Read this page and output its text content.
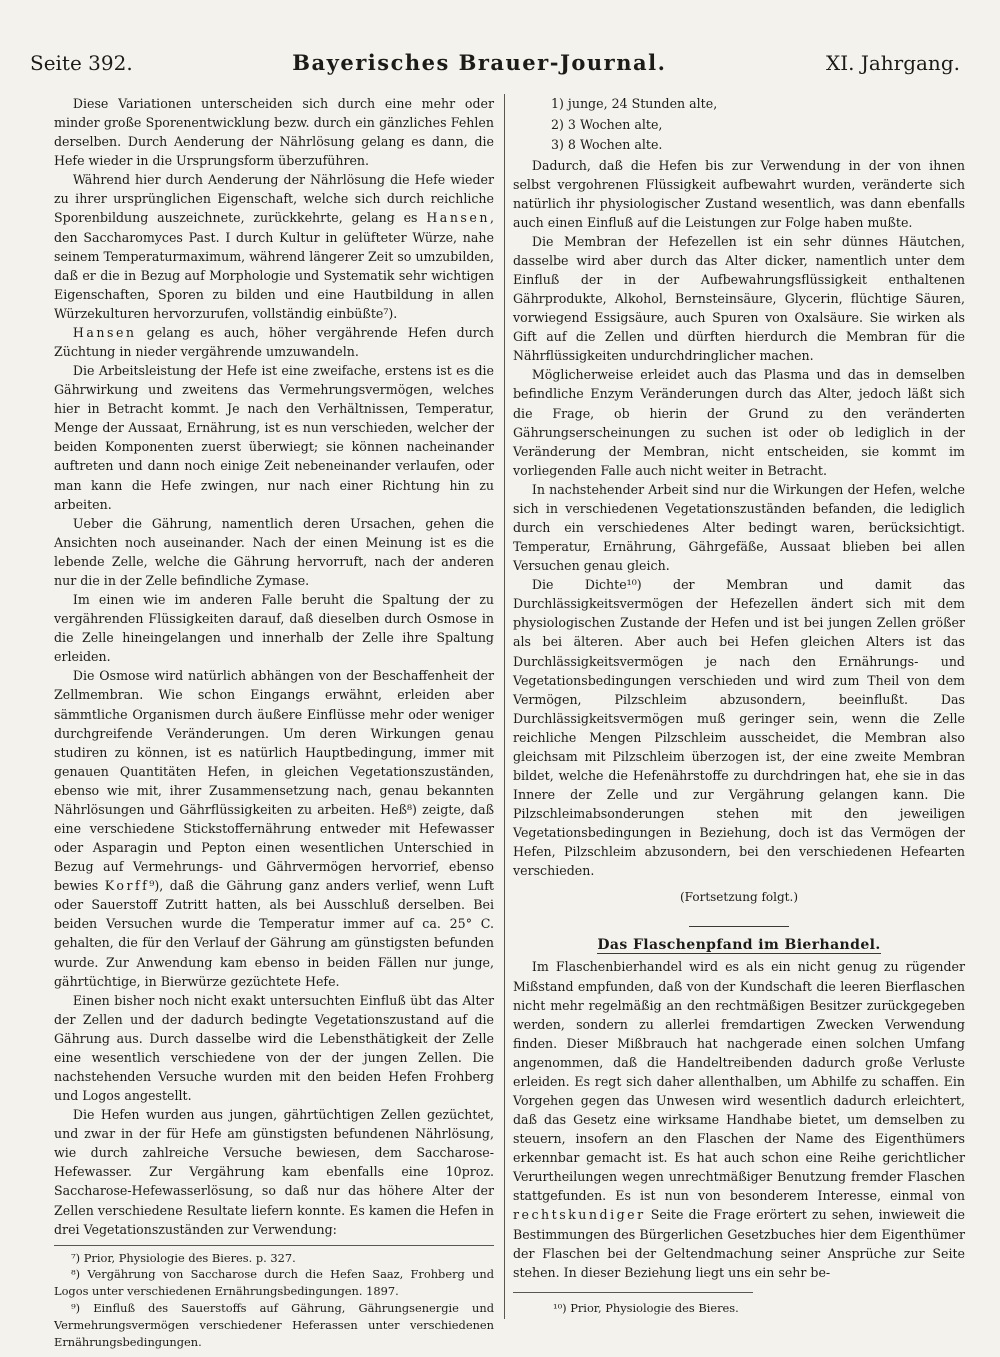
Seite 392.	Bayerisches Brauer-Journal.	XI. Jahrgang.

Diese Variationen unterscheiden sich durch eine mehr oder minder große Sporenentwicklung bezw. durch ein gänzliches Fehlen derselben. Durch Aenderung der Nährlösung gelang es dann, die Hefe wieder in die Ursprungsform überzuführen.

Während hier durch Aenderung der Nährlösung die Hefe wieder zu ihrer ursprünglichen Eigenschaft, welche sich durch reichliche Sporenbildung auszeichnete, zurückkehrte, gelang es Hansen, den Saccharomyces Past. I durch Kultur in gelüfteter Würze, nahe seinem Temperaturmaximum, während längerer Zeit so umzubilden, daß er die in Bezug auf Morphologie und Systematik sehr wichtigen Eigenschaften, Sporen zu bilden und eine Hautbildung in allen Würzekulturen hervorzurufen, vollständig einbüßte⁷).

Hansen gelang es auch, höher vergährende Hefen durch Züchtung in nieder vergährende umzuwandeln.

Die Arbeitsleistung der Hefe ist eine zweifache, erstens ist es die Gährwirkung und zweitens das Vermehrungsvermögen, welches hier in Betracht kommt. Je nach den Verhältnissen, Temperatur, Menge der Aussaat, Ernährung, ist es nun verschieden, welcher der beiden Komponenten zuerst überwiegt; sie können nacheinander auftreten und dann noch einige Zeit nebeneinander verlaufen, oder man kann die Hefe zwingen, nur nach einer Richtung hin zu arbeiten.

Ueber die Gährung, namentlich deren Ursachen, gehen die Ansichten noch auseinander. Nach der einen Meinung ist es die lebende Zelle, welche die Gährung hervorruft, nach der anderen nur die in der Zelle befindliche Zymase.

Im einen wie im anderen Falle beruht die Spaltung der zu vergährenden Flüssigkeiten darauf, daß dieselben durch Osmose in die Zelle hineingelangen und innerhalb der Zelle ihre Spaltung erleiden.

Die Osmose wird natürlich abhängen von der Beschaffenheit der Zellmembran. Wie schon Eingangs erwähnt, erleiden aber sämmtliche Organismen durch äußere Einflüsse mehr oder weniger durchgreifende Veränderungen. Um deren Wirkungen genau studiren zu können, ist es natürlich Hauptbedingung, immer mit genauen Quantitäten Hefen, in gleichen Vegetationszuständen, ebenso wie mit, ihrer Zusammensetzung nach, genau bekannten Nährlösungen und Gährflüssigkeiten zu arbeiten. Heß⁸) zeigte, daß eine verschiedene Stickstoffernährung entweder mit Hefewasser oder Asparagin und Pepton einen wesentlichen Unterschied in Bezug auf Vermehrungs- und Gährvermögen hervorrief, ebenso bewies Korff⁹), daß die Gährung ganz anders verlief, wenn Luft oder Sauerstoff Zutritt hatten, als bei Ausschluß derselben. Bei beiden Versuchen wurde die Temperatur immer auf ca. 25° C. gehalten, die für den Verlauf der Gährung am günstigsten befunden wurde. Zur Anwendung kam ebenso in beiden Fällen nur junge, gährtüchtige, in Bierwürze gezüchtete Hefe.

Einen bisher noch nicht exakt untersuchten Einfluß übt das Alter der Zellen und der dadurch bedingte Vegetationszustand auf die Gährung aus. Durch dasselbe wird die Lebensthätigkeit der Zelle eine wesentlich verschiedene von der der jungen Zellen. Die nachstehenden Versuche wurden mit den beiden Hefen Frohberg und Logos angestellt.

Die Hefen wurden aus jungen, gährtüchtigen Zellen gezüchtet, und zwar in der für Hefe am günstigsten befundenen Nährlösung, wie durch zahlreiche Versuche bewiesen, dem Saccharose-Hefewasser. Zur Vergährung kam ebenfalls eine 10proz. Saccharose-Hefewasserlösung, so daß nur das höhere Alter der Zellen verschiedene Resultate liefern konnte. Es kamen die Hefen in drei Vegetationszuständen zur Verwendung:

⁷) Prior, Physiologie des Bieres. p. 327.

⁸) Vergährung von Saccharose durch die Hefen Saaz, Frohberg und Logos unter verschiedenen Ernährungsbedingungen. 1897.

⁹) Einfluß des Sauerstoffs auf Gährung, Gährungsenergie und Vermehrungsvermögen verschiedener Heferassen unter verschiedenen Ernährungsbedingungen.

1) junge, 24 Stunden alte,
2) 3 Wochen alte,
3) 8 Wochen alte.

Dadurch, daß die Hefen bis zur Verwendung in der von ihnen selbst vergohrenen Flüssigkeit aufbewahrt wurden, veränderte sich natürlich ihr physiologischer Zustand wesentlich, was dann ebenfalls auch einen Einfluß auf die Leistungen zur Folge haben mußte.

Die Membran der Hefezellen ist ein sehr dünnes Häutchen, dasselbe wird aber durch das Alter dicker, namentlich unter dem Einfluß der in der Aufbewahrungsflüssigkeit enthaltenen Gährprodukte, Alkohol, Bernsteinsäure, Glycerin, flüchtige Säuren, vorwiegend Essigsäure, auch Spuren von Oxalsäure. Sie wirken als Gift auf die Zellen und dürften hierdurch die Membran für die Nährflüssigkeiten undurchdringlicher machen.

Möglicherweise erleidet auch das Plasma und das in demselben befindliche Enzym Veränderungen durch das Alter, jedoch läßt sich die Frage, ob hierin der Grund zu den veränderten Gährungserscheinungen zu suchen ist oder ob lediglich in der Veränderung der Membran, nicht entscheiden, sie kommt im vorliegenden Falle auch nicht weiter in Betracht.

In nachstehender Arbeit sind nur die Wirkungen der Hefen, welche sich in verschiedenen Vegetationszuständen befanden, die lediglich durch ein verschiedenes Alter bedingt waren, berücksichtigt. Temperatur, Ernährung, Gährgefäße, Aussaat blieben bei allen Versuchen genau gleich.

Die Dichte¹⁰) der Membran und damit das Durchlässigkeitsvermögen der Hefezellen ändert sich mit dem physiologischen Zustande der Hefen und ist bei jungen Zellen größer als bei älteren. Aber auch bei Hefen gleichen Alters ist das Durchlässigkeitsvermögen je nach den Ernährungs- und Vegetationsbedingungen verschieden und wird zum Theil von dem Vermögen, Pilzschleim abzusondern, beeinflußt. Das Durchlässigkeitsvermögen muß geringer sein, wenn die Zelle reichliche Mengen Pilzschleim ausscheidet, die Membran also gleichsam mit Pilzschleim überzogen ist, der eine zweite Membran bildet, welche die Hefenährstoffe zu durchdringen hat, ehe sie in das Innere der Zelle und zur Vergährung gelangen kann. Die Pilzschleimabsonderungen stehen mit den jeweiligen Vegetationsbedingungen in Beziehung, doch ist das Vermögen der Hefen, Pilzschleim abzusondern, bei den verschiedenen Hefearten verschieden.

(Fortsetzung folgt.)
Das Flaschenpfand im Bierhandel.

Im Flaschenbierhandel wird es als ein nicht genug zu rügender Mißstand empfunden, daß von der Kundschaft die leeren Bierflaschen nicht mehr regelmäßig an den rechtmäßigen Besitzer zurückgegeben werden, sondern zu allerlei fremdartigen Zwecken Verwendung finden. Dieser Mißbrauch hat nachgerade einen solchen Umfang angenommen, daß die Handeltreibenden dadurch große Verluste erleiden. Es regt sich daher allenthalben, um Abhilfe zu schaffen. Ein Vorgehen gegen das Unwesen wird wesentlich dadurch erleichtert, daß das Gesetz eine wirksame Handhabe bietet, um demselben zu steuern, insofern an den Flaschen der Name des Eigenthümers erkennbar gemacht ist. Es hat auch schon eine Reihe gerichtlicher Verurtheilungen wegen unrechtmäßiger Benutzung fremder Flaschen stattgefunden. Es ist nun von besonderem Interesse, einmal von rechtskundiger Seite die Frage erörtert zu sehen, inwieweit die Bestimmungen des Bürgerlichen Gesetzbuches hier dem Eigenthümer der Flaschen bei der Geltendmachung seiner Ansprüche zur Seite stehen. In dieser Beziehung liegt uns ein sehr be-

¹⁰) Prior, Physiologie des Bieres.
